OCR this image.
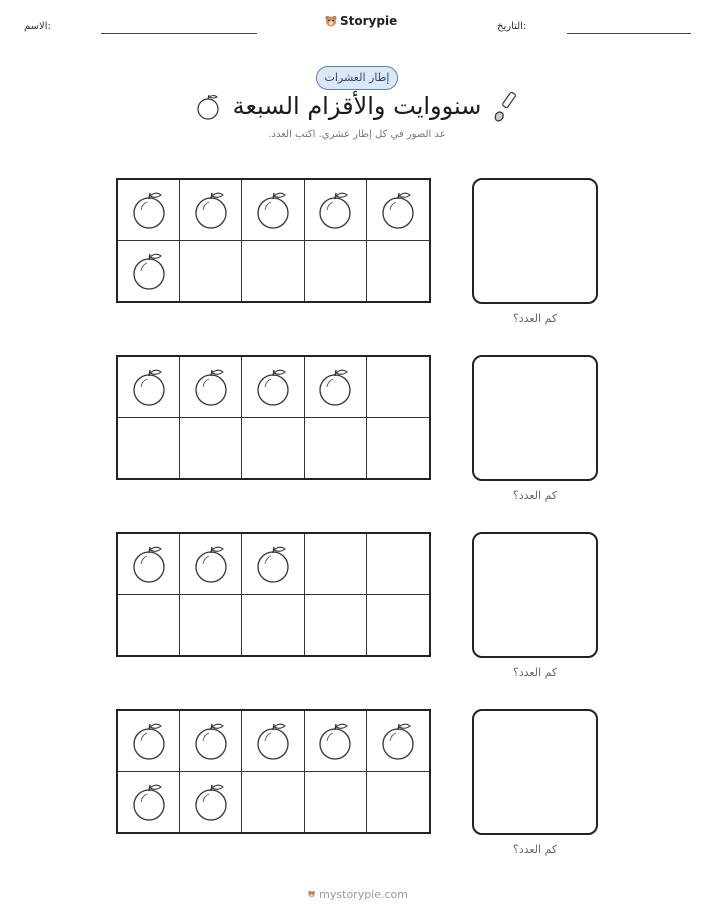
الاسم:	Storypie	التاريخ:
إطار العشرات
سنووايت والأقزام السبعة
عد الصور في كل إطار عشري. اكتب العدد.
كم العدد؟
كم العدد؟
كم العدد؟
كم العدد؟
mystorypie.com
